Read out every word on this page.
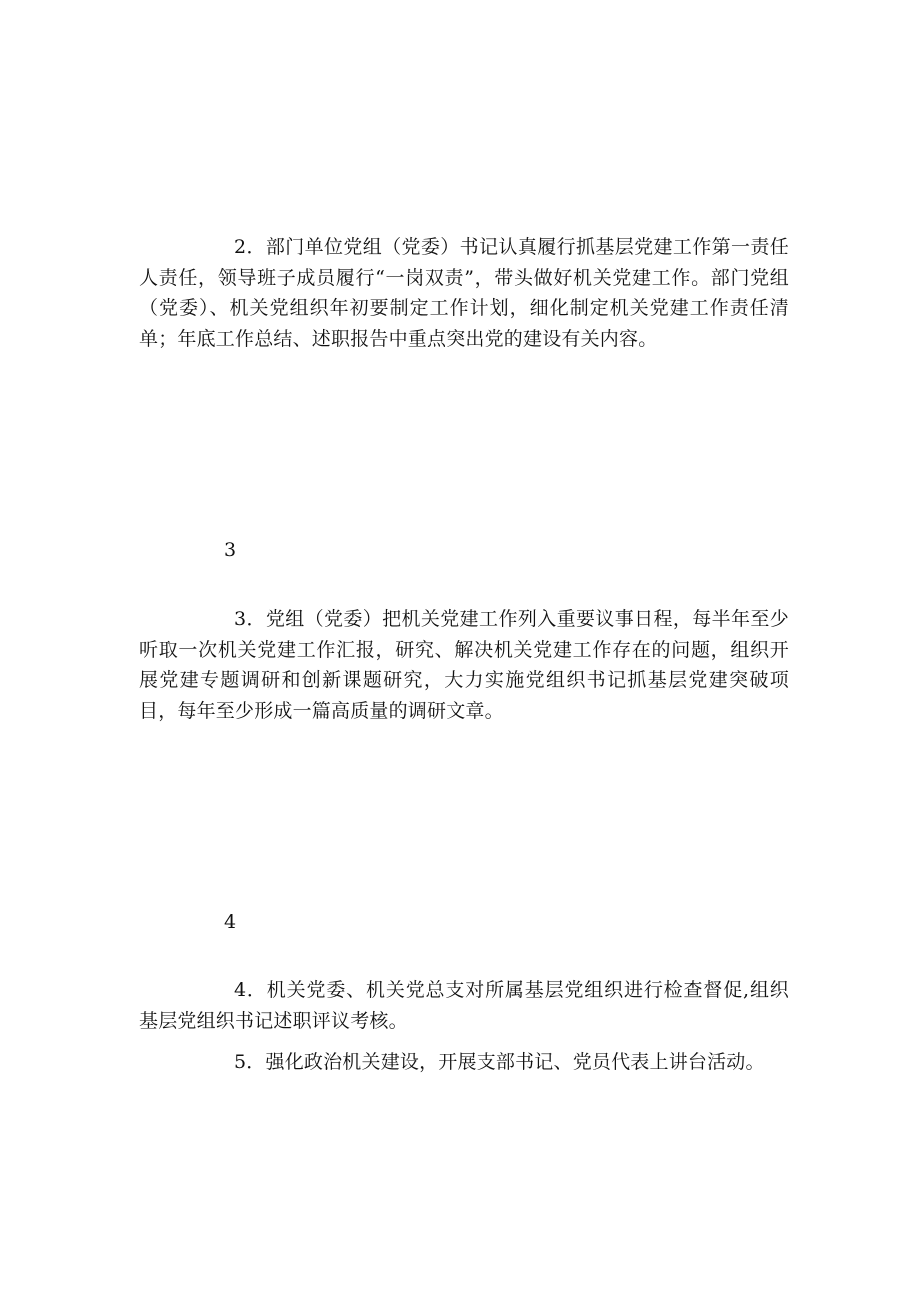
2．部门单位党组（党委）书记认真履行抓基层党建工作第一责任人责任，领导班子成员履行“一岗双责”，带头做好机关党建工作。部门党组（党委）、机关党组织年初要制定工作计划，细化制定机关党建工作责任清单；年底工作总结、述职报告中重点突出党的建设有关内容。

3

3．党组（党委）把机关党建工作列入重要议事日程，每半年至少听取一次机关党建工作汇报，研究、解决机关党建工作存在的问题，组织开展党建专题调研和创新课题研究，大力实施党组织书记抓基层党建突破项目，每年至少形成一篇高质量的调研文章。

4

4．机关党委、机关党总支对所属基层党组织进行检查督促,组织基层党组织书记述职评议考核。

5．强化政治机关建设，开展支部书记、党员代表上讲台活动。
